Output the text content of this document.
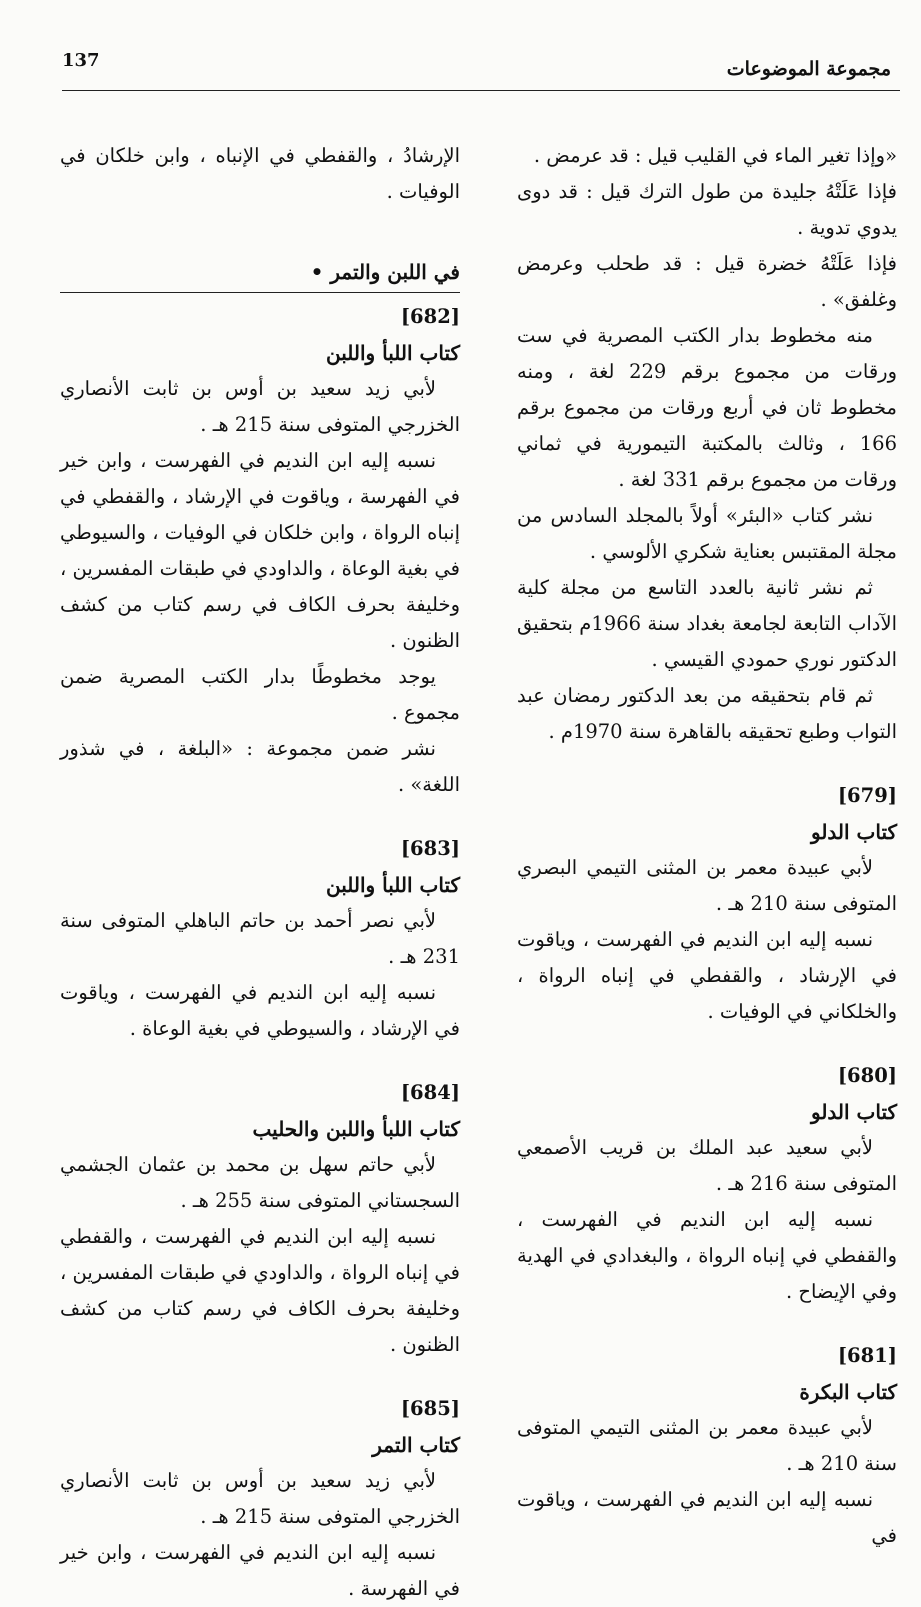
مجموعة الموضوعات
137

«وإذا تغير الماء في القليب قيل : قد عرمض .

فإذا عَلَتْهُ جليدة من طول الترك قيل : قد دوى يدوي تدوية .

فإذا عَلَتْهُ خضرة قيل : قد طحلب وعرمض وغلفق» .

منه مخطوط بدار الكتب المصرية في ست ورقات من مجموع برقم 229 لغة ، ومنه مخطوط ثان في أربع ورقات من مجموع برقم 166 ، وثالث بالمكتبة التيمورية في ثماني ورقات من مجموع برقم 331 لغة .

نشر كتاب «البئر» أولاً بالمجلد السادس من مجلة المقتبس بعناية شكري الألوسي .

ثم نشر ثانية بالعدد التاسع من مجلة كلية الآداب التابعة لجامعة بغداد سنة 1966م بتحقيق الدكتور نوري حمودي القيسي .

ثم قام بتحقيقه من بعد الدكتور رمضان عبد التواب وطبع تحقيقه بالقاهرة سنة 1970م .

[679]

كتاب الدلو

لأبي عبيدة معمر بن المثنى التيمي البصري المتوفى سنة 210 هـ .

نسبه إليه ابن النديم في الفهرست ، وياقوت في الإرشاد ، والقفطي في إنباه الرواة ، والخلكاني في الوفيات .

[680]

كتاب الدلو

لأبي سعيد عبد الملك بن قريب الأصمعي المتوفى سنة 216 هـ .

نسبه إليه ابن النديم في الفهرست ، والقفطي في إنباه الرواة ، والبغدادي في الهدية وفي الإيضاح .

[681]

كتاب البكرة

لأبي عبيدة معمر بن المثنى التيمي المتوفى سنة 210 هـ .

نسبه إليه ابن النديم في الفهرست ، وياقوت في

الإرشادُ ، والقفطي في الإنباه ، وابن خلكان في الوفيات .

في اللبن والتمر •

[682]

كتاب اللبأ واللبن

لأبي زيد سعيد بن أوس بن ثابت الأنصاري الخزرجي المتوفى سنة 215 هـ .

نسبه إليه ابن النديم في الفهرست ، وابن خير في الفهرسة ، وياقوت في الإرشاد ، والقفطي في إنباه الرواة ، وابن خلكان في الوفيات ، والسيوطي في بغية الوعاة ، والداودي في طبقات المفسرين ، وخليفة بحرف الكاف في رسم كتاب من كشف الظنون .

يوجد مخطوطًا بدار الكتب المصرية ضمن مجموع .

نشر ضمن مجموعة : «البلغة ، في شذور اللغة» .

[683]

كتاب اللبأ واللبن

لأبي نصر أحمد بن حاتم الباهلي المتوفى سنة 231 هـ .

نسبه إليه ابن النديم في الفهرست ، وياقوت في الإرشاد ، والسيوطي في بغية الوعاة .

[684]

كتاب اللبأ واللبن والحليب

لأبي حاتم سهل بن محمد بن عثمان الجشمي السجستاني المتوفى سنة 255 هـ .

نسبه إليه ابن النديم في الفهرست ، والقفطي في إنباه الرواة ، والداودي في طبقات المفسرين ، وخليفة بحرف الكاف في رسم كتاب من كشف الظنون .

[685]

كتاب التمر

لأبي زيد سعيد بن أوس بن ثابت الأنصاري الخزرجي المتوفى سنة 215 هـ .

نسبه إليه ابن النديم في الفهرست ، وابن خير في الفهرسة .
